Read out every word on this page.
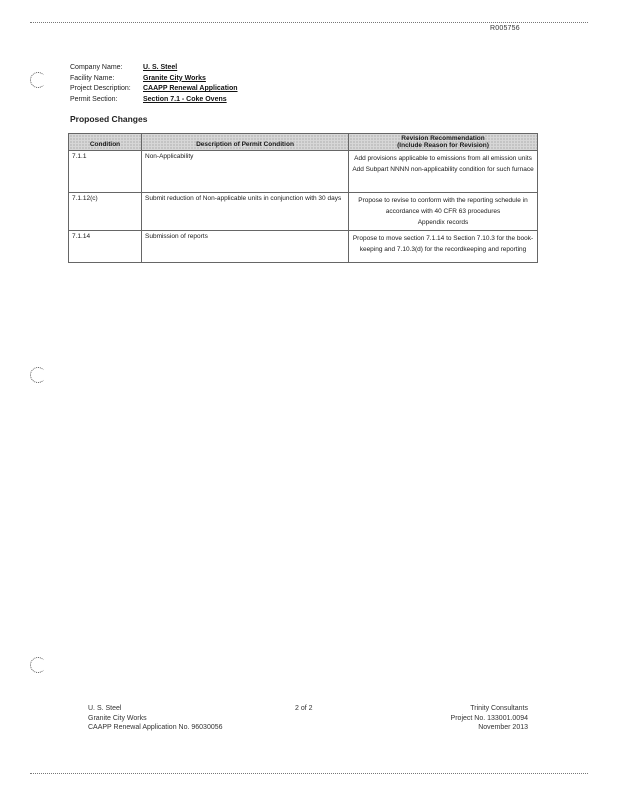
R005756
Company Name:	U. S. Steel
Facility Name:	Granite City Works
Project Description:	CAAPP Renewal Application
Permit Section:	Section 7.1 - Coke Ovens
Proposed Changes
Condition	Description of Permit Condition	Revision Recommendation
(Include Reason for Revision)

7.1.1	Non-Applicability	Add provisions applicable to emissions from all emission units
Add Subpart NNNN non-applicability condition for such furnace

7.1.12(c)	Submit reduction of Non-applicable units in conjunction with 30 days	Propose to revise to conform with the reporting schedule in accordance with 40 CFR 63 procedures
Appendix records

7.1.14	Submission of reports	Propose to move section 7.1.14 to Section 7.10.3 for the book-keeping and 7.10.3(d) for the recordkeeping and reporting
U. S. Steel
Granite City Works
CAAPP Renewal Application No. 96030056
2 of 2	Trinity Consultants
Project No. 133001.0094
November 2013
